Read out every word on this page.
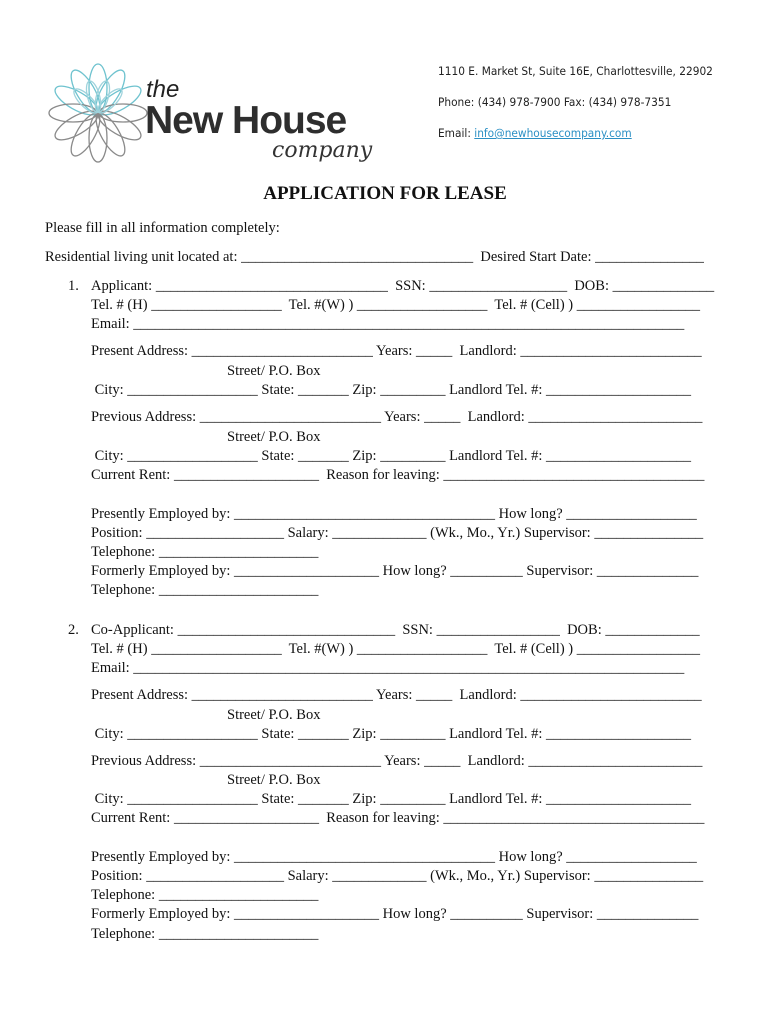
the
New House
company
1110 E. Market St, Suite 16E, Charlottesville, 22902
Phone: (434) 978-7900 Fax: (434) 978-7351
Email: info@newhousecompany.com
APPLICATION FOR LEASE
Please fill in all information completely:
Residential living unit located at: ________________________________  Desired Start Date: _______________
1.
2.
Applicant: ________________________________  SSN: ___________________  DOB: ______________
Tel. # (H) __________________  Tel. #(W) ) __________________  Tel. # (Cell) ) _________________
Email: ____________________________________________________________________________
Present Address: _________________________ Years: _____  Landlord: _________________________
Street/ P.O. Box
City: __________________ State: _______ Zip: _________ Landlord Tel. #: ____________________
Previous Address: _________________________ Years: _____  Landlord: ________________________
Street/ P.O. Box
City: __________________ State: _______ Zip: _________ Landlord Tel. #: ____________________
Current Rent: ____________________  Reason for leaving: ____________________________________
Presently Employed by: ____________________________________ How long? __________________
Position: ___________________ Salary: _____________ (Wk., Mo., Yr.) Supervisor: _______________
Telephone: ______________________
Formerly Employed by: ____________________ How long? __________ Supervisor: ______________
Telephone: ______________________
Co-Applicant: ______________________________  SSN: _________________  DOB: _____________
Tel. # (H) __________________  Tel. #(W) ) __________________  Tel. # (Cell) ) _________________
Email: ____________________________________________________________________________
Present Address: _________________________ Years: _____  Landlord: _________________________
Street/ P.O. Box
City: __________________ State: _______ Zip: _________ Landlord Tel. #: ____________________
Previous Address: _________________________ Years: _____  Landlord: ________________________
Street/ P.O. Box
City: __________________ State: _______ Zip: _________ Landlord Tel. #: ____________________
Current Rent: ____________________  Reason for leaving: ____________________________________
Presently Employed by: ____________________________________ How long? __________________
Position: ___________________ Salary: _____________ (Wk., Mo., Yr.) Supervisor: _______________
Telephone: ______________________
Formerly Employed by: ____________________ How long? __________ Supervisor: ______________
Telephone: ______________________
